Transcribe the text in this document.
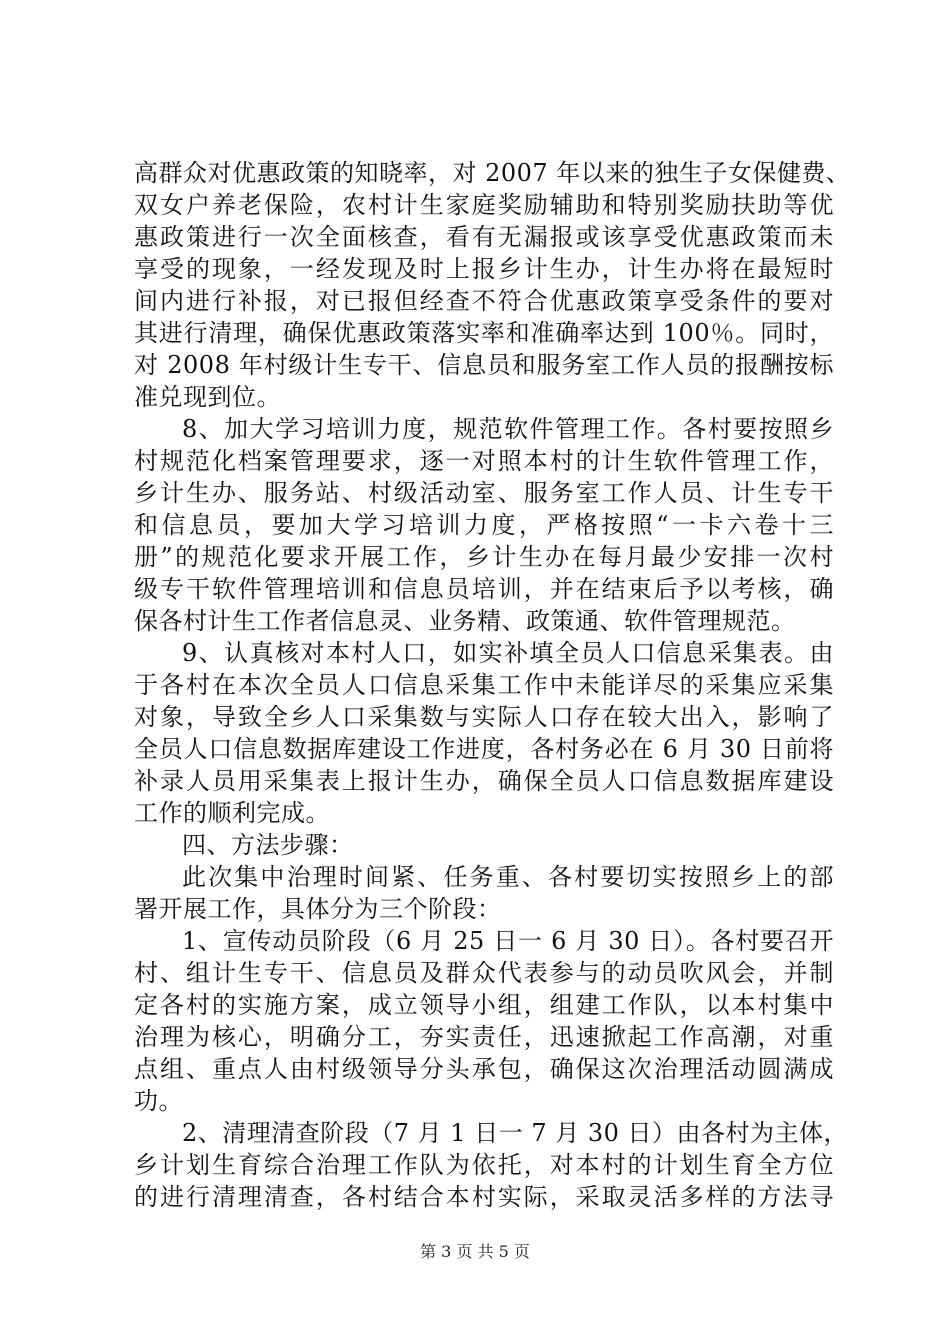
高群众对优惠政策的知晓率，对 2007 年以来的独生子女保健费、
双女户养老保险，农村计生家庭奖励辅助和特别奖励扶助等优
惠政策进行一次全面核查，看有无漏报或该享受优惠政策而未
享受的现象，一经发现及时上报乡计生办，计生办将在最短时
间内进行补报，对已报但经查不符合优惠政策享受条件的要对
其进行清理，确保优惠政策落实率和准确率达到 100％。同时，
对 2008 年村级计生专干、信息员和服务室工作人员的报酬按标
准兑现到位。
8、加大学习培训力度，规范软件管理工作。各村要按照乡
村规范化档案管理要求，逐一对照本村的计生软件管理工作，
乡计生办、服务站、村级活动室、服务室工作人员、计生专干
和信息员，要加大学习培训力度，严格按照“一卡六卷十三
册”的规范化要求开展工作，乡计生办在每月最少安排一次村
级专干软件管理培训和信息员培训，并在结束后予以考核，确
保各村计生工作者信息灵、业务精、政策通、软件管理规范。
9、认真核对本村人口，如实补填全员人口信息采集表。由
于各村在本次全员人口信息采集工作中未能详尽的采集应采集
对象，导致全乡人口采集数与实际人口存在较大出入，影响了
全员人口信息数据库建设工作进度，各村务必在 6 月 30 日前将
补录人员用采集表上报计生办，确保全员人口信息数据库建设
工作的顺利完成。
四、方法步骤：
此次集中治理时间紧、任务重、各村要切实按照乡上的部
署开展工作，具体分为三个阶段：
1、宣传动员阶段（6 月 25 日一 6 月 30 日）。各村要召开
村、组计生专干、信息员及群众代表参与的动员吹风会，并制
定各村的实施方案，成立领导小组，组建工作队，以本村集中
治理为核心，明确分工，夯实责任，迅速掀起工作高潮，对重
点组、重点人由村级领导分头承包，确保这次治理活动圆满成
功。
2、清理清查阶段（7 月 1 日一 7 月 30 日）由各村为主体，
乡计划生育综合治理工作队为依托，对本村的计划生育全方位
的进行清理清查，各村结合本村实际，采取灵活多样的方法寻
第 3 页 共 5 页
